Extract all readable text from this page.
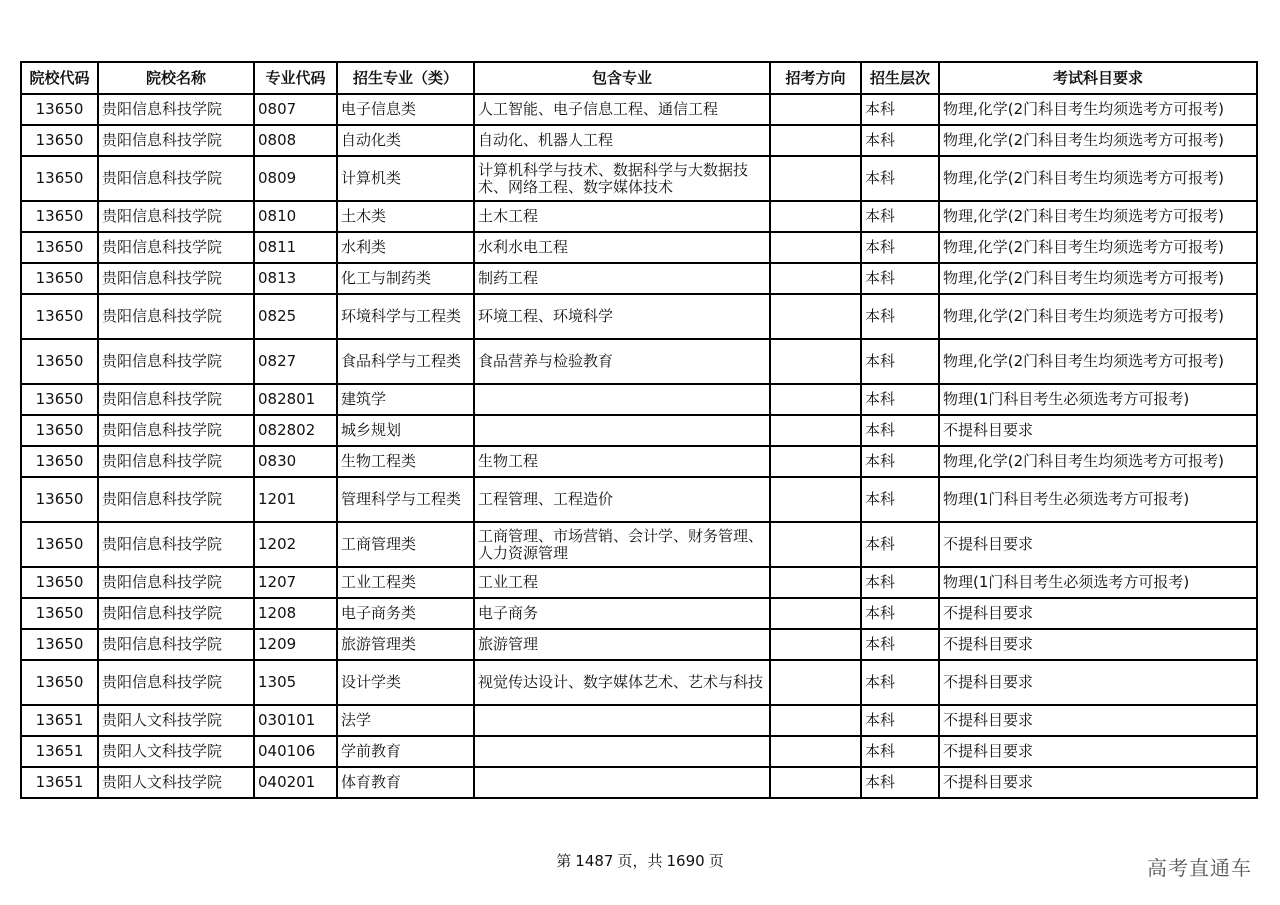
院校代码	院校名称	专业代码	招生专业（类）	包含专业	招考方向	招生层次	考试科目要求
13650	贵阳信息科技学院	0807	电子信息类	人工智能、电子信息工程、通信工程		本科	物理,化学(2门科目考生均须选考方可报考)
13650	贵阳信息科技学院	0808	自动化类	自动化、机器人工程		本科	物理,化学(2门科目考生均须选考方可报考)
13650	贵阳信息科技学院	0809	计算机类	计算机科学与技术、数据科学与大数据技术、网络工程、数字媒体技术		本科	物理,化学(2门科目考生均须选考方可报考)
13650	贵阳信息科技学院	0810	土木类	土木工程		本科	物理,化学(2门科目考生均须选考方可报考)
13650	贵阳信息科技学院	0811	水利类	水利水电工程		本科	物理,化学(2门科目考生均须选考方可报考)
13650	贵阳信息科技学院	0813	化工与制药类	制药工程		本科	物理,化学(2门科目考生均须选考方可报考)
13650	贵阳信息科技学院	0825	环境科学与工程类	环境工程、环境科学		本科	物理,化学(2门科目考生均须选考方可报考)
13650	贵阳信息科技学院	0827	食品科学与工程类	食品营养与检验教育		本科	物理,化学(2门科目考生均须选考方可报考)
13650	贵阳信息科技学院	082801	建筑学			本科	物理(1门科目考生必须选考方可报考)
13650	贵阳信息科技学院	082802	城乡规划			本科	不提科目要求
13650	贵阳信息科技学院	0830	生物工程类	生物工程		本科	物理,化学(2门科目考生均须选考方可报考)
13650	贵阳信息科技学院	1201	管理科学与工程类	工程管理、工程造价		本科	物理(1门科目考生必须选考方可报考)
13650	贵阳信息科技学院	1202	工商管理类	工商管理、市场营销、会计学、财务管理、人力资源管理		本科	不提科目要求
13650	贵阳信息科技学院	1207	工业工程类	工业工程		本科	物理(1门科目考生必须选考方可报考)
13650	贵阳信息科技学院	1208	电子商务类	电子商务		本科	不提科目要求
13650	贵阳信息科技学院	1209	旅游管理类	旅游管理		本科	不提科目要求
13650	贵阳信息科技学院	1305	设计学类	视觉传达设计、数字媒体艺术、艺术与科技		本科	不提科目要求
13651	贵阳人文科技学院	030101	法学			本科	不提科目要求
13651	贵阳人文科技学院	040106	学前教育			本科	不提科目要求
13651	贵阳人文科技学院	040201	体育教育			本科	不提科目要求
第 1487 页，共 1690 页	高考直通车
